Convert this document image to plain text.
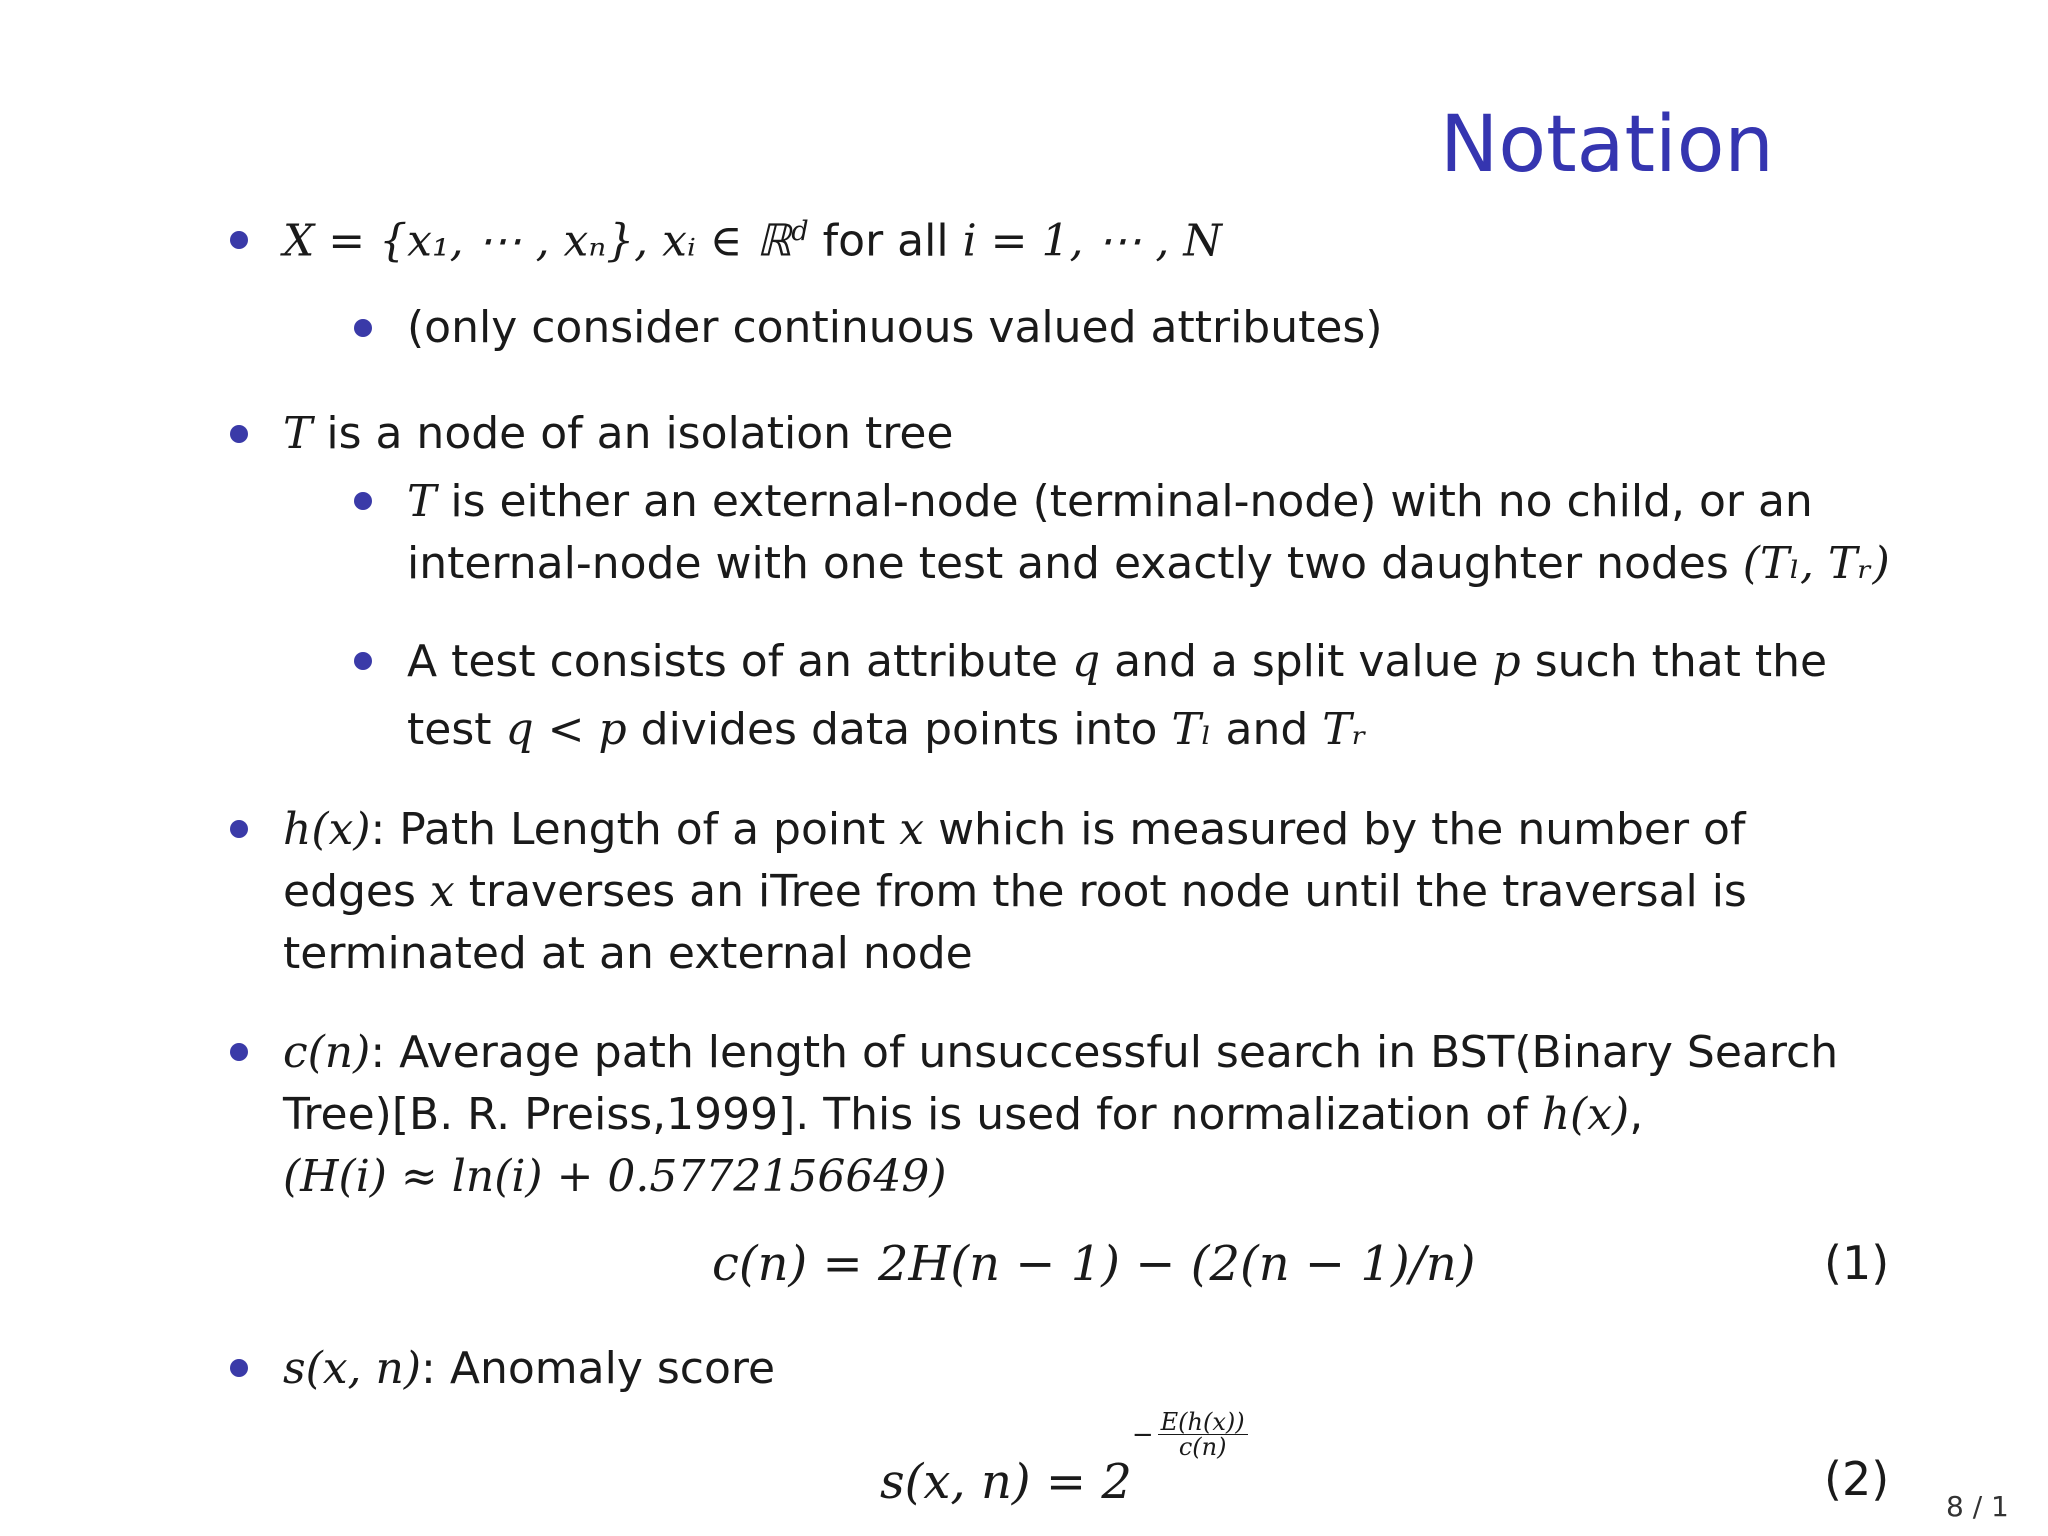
Notation
X = {x₁, ⋯ , xₙ}, xᵢ ∈ ℝ$^d$ for all i = 1, ⋯ , N
(only consider continuous valued attributes)
T is a node of an isolation tree
T is either an external-node (terminal-node) with no child, or an
internal-node with one test and exactly two daughter nodes (Tₗ, Tᵣ)
A test consists of an attribute q and a split value p such that the
test q < p divides data points into Tₗ and Tᵣ
h(x): Path Length of a point x which is measured by the number of
edges x traverses an iTree from the root node until the traversal is
terminated at an external node
c(n): Average path length of unsuccessful search in BST(Binary Search
Tree)[B. R. Preiss,1999]. This is used for normalization of h(x),
(H(i) ≈ ln(i) + 0.5772156649)
c(n) = 2H(n − 1) − (2(n − 1)/n)	(1)
s(x, n): Anomaly score
s(x, $n) = 2- \frac{E(h(x))}{c(n)}$
(2)
8 / 1
